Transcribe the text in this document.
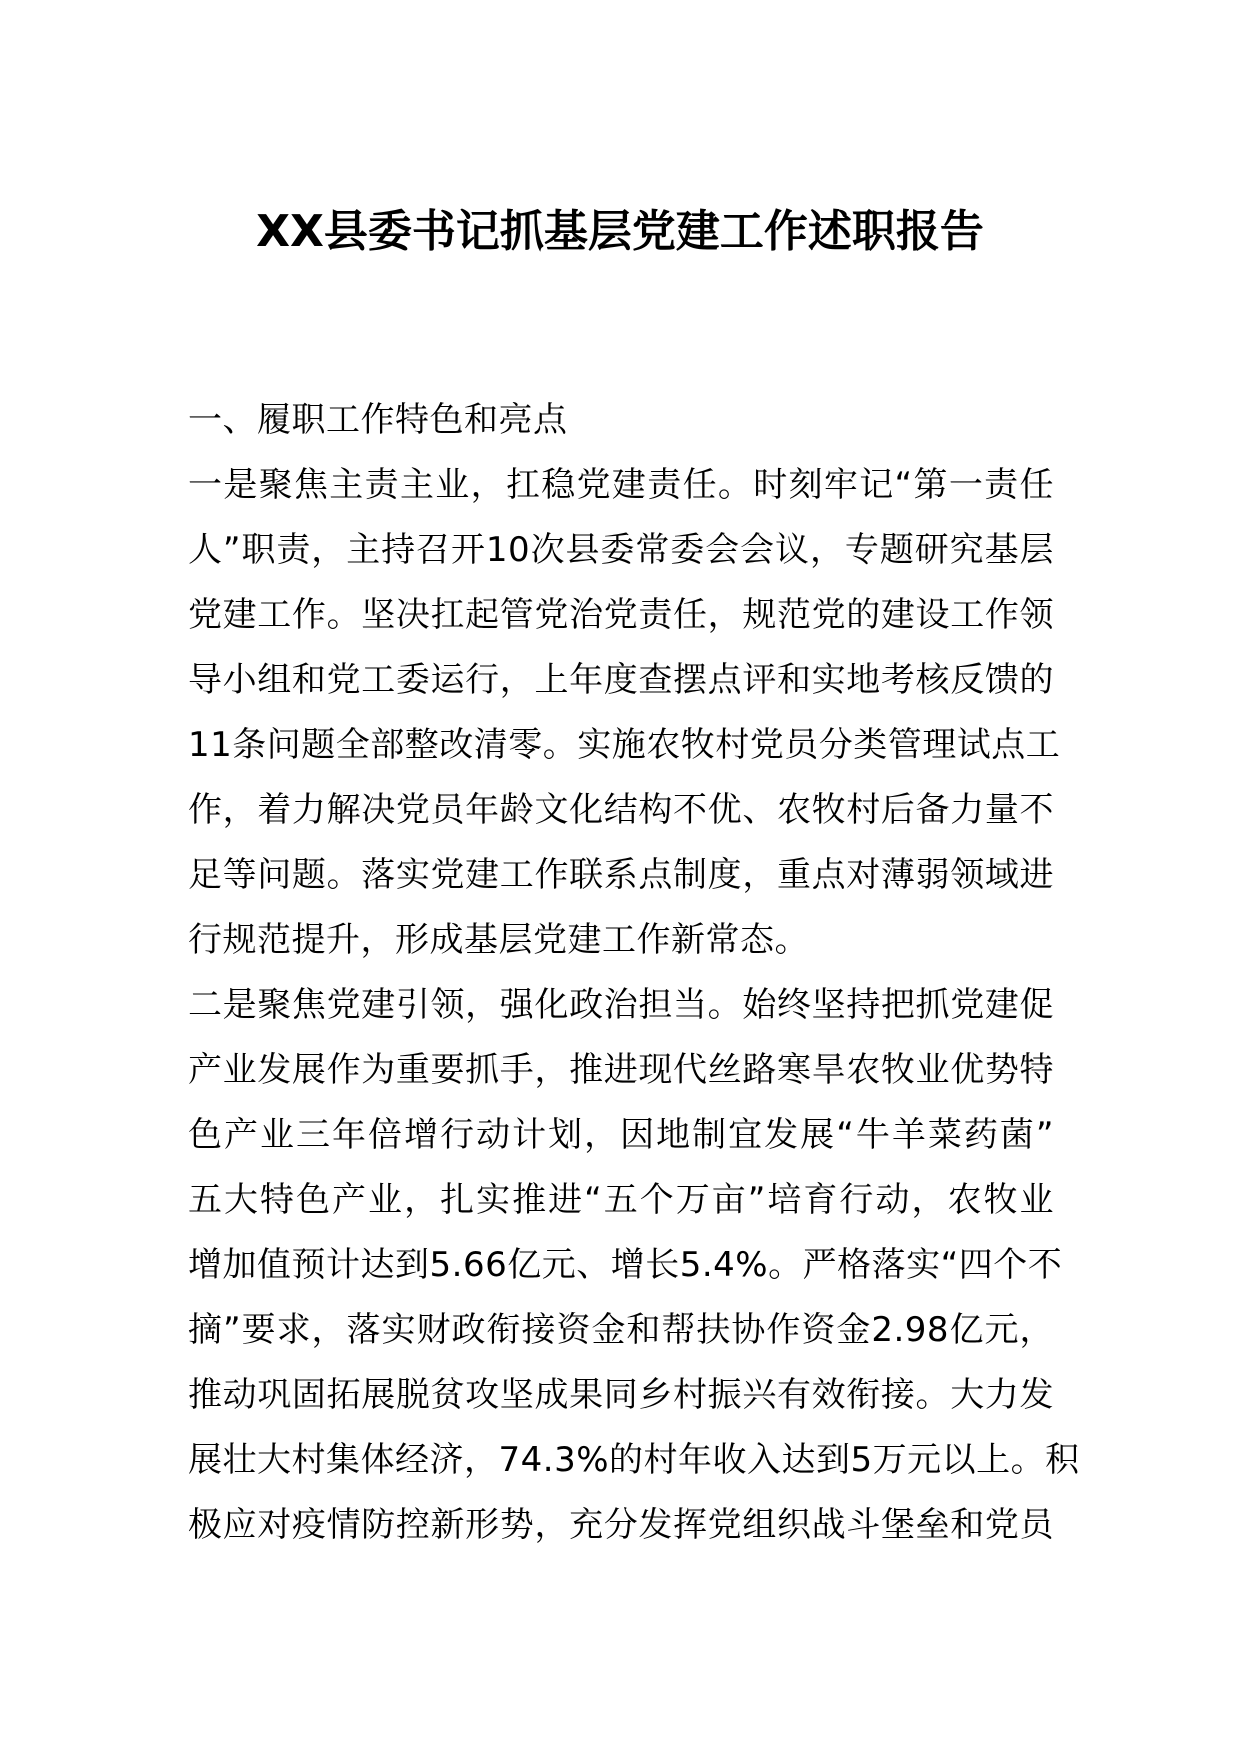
XX县委书记抓基层党建工作述职报告
一、履职工作特色和亮点
一是聚焦主责主业，扛稳党建责任。时刻牢记“第一责任
人”职责，主持召开10次县委常委会会议，专题研究基层
党建工作。坚决扛起管党治党责任，规范党的建设工作领
导小组和党工委运行，上年度查摆点评和实地考核反馈的
11条问题全部整改清零。实施农牧村党员分类管理试点工
作，着力解决党员年龄文化结构不优、农牧村后备力量不
足等问题。落实党建工作联系点制度，重点对薄弱领域进
行规范提升，形成基层党建工作新常态。
二是聚焦党建引领，强化政治担当。始终坚持把抓党建促
产业发展作为重要抓手，推进现代丝路寒旱农牧业优势特
色产业三年倍增行动计划，因地制宜发展“牛羊菜药菌”
五大特色产业，扎实推进“五个万亩”培育行动，农牧业
增加值预计达到5.66亿元、增长5.4%。严格落实“四个不
摘”要求，落实财政衔接资金和帮扶协作资金2.98亿元，
推动巩固拓展脱贫攻坚成果同乡村振兴有效衔接。大力发
展壮大村集体经济，74.3%的村年收入达到5万元以上。积
极应对疫情防控新形势，充分发挥党组织战斗堡垒和党员
